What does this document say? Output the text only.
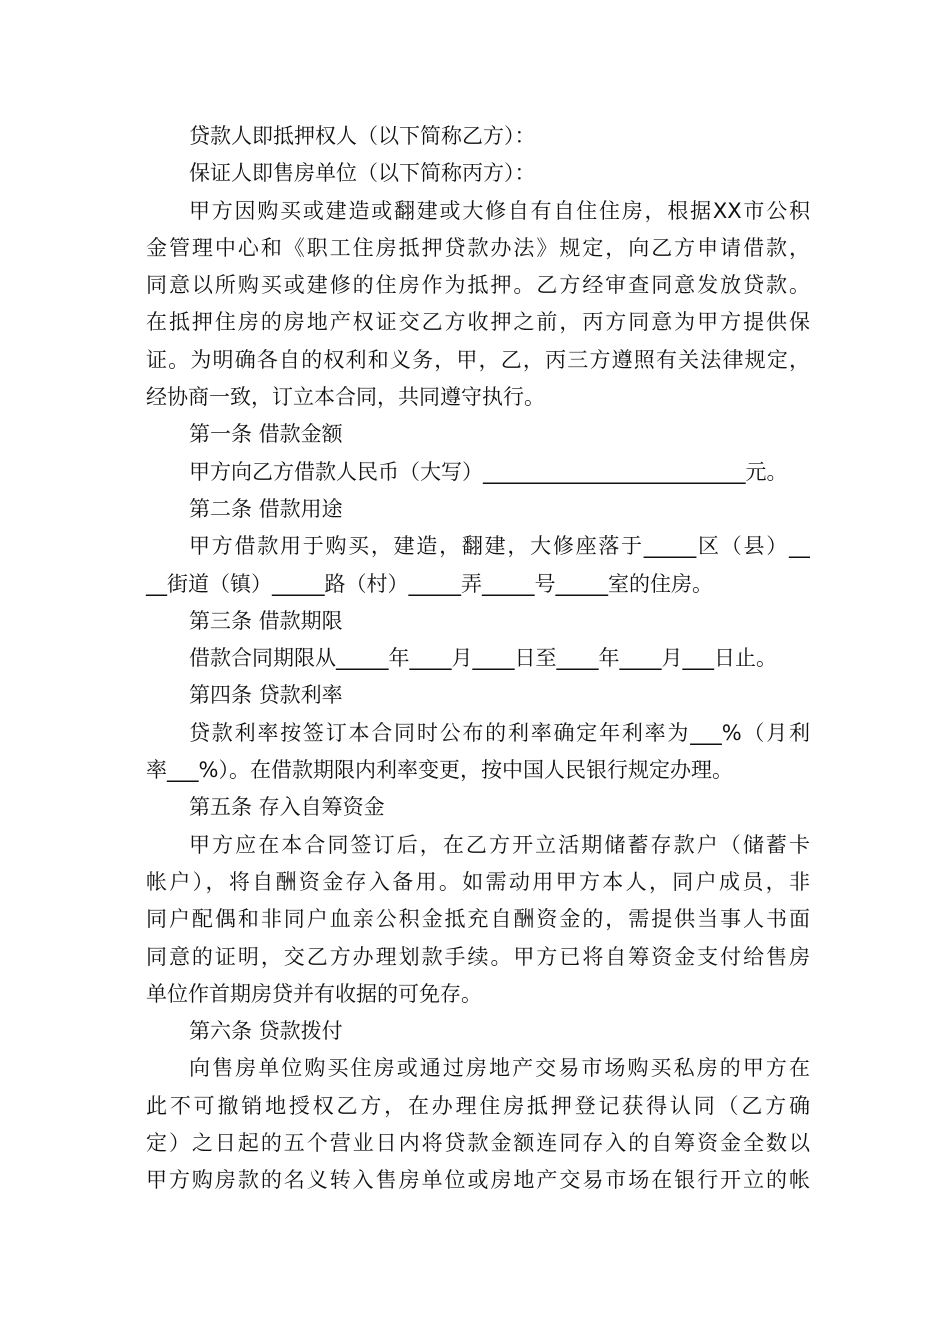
贷款人即抵押权人（以下简称乙方）：
保证人即售房单位（以下简称丙方）：
甲方因购买或建造或翻建或大修自有自住住房，根据XX市公积
金管理中心和《职工住房抵押贷款办法》规定，向乙方申请借款，
同意以所购买或建修的住房作为抵押。乙方经审查同意发放贷款。
在抵押住房的房地产权证交乙方收押之前，丙方同意为甲方提供保
证。为明确各自的权利和义务，甲，乙，丙三方遵照有关法律规定，
经协商一致，订立本合同，共同遵守执行。
第一条 借款金额
甲方向乙方借款人民币（大写）_________________________元。
第二条 借款用途
甲方借款用于购买，建造，翻建，大修座落于_____区（县）__
__街道（镇）_____路（村）_____弄_____号_____室的住房。
第三条 借款期限
借款合同期限从_____年____月____日至____年____月___日止。
第四条 贷款利率
贷款利率按签订本合同时公布的利率确定年利率为___%（月利
率___%）。在借款期限内利率变更，按中国人民银行规定办理。
第五条 存入自筹资金
甲方应在本合同签订后，在乙方开立活期储蓄存款户（储蓄卡
帐户），将自酬资金存入备用。如需动用甲方本人，同户成员，非
同户配偶和非同户血亲公积金抵充自酬资金的，需提供当事人书面
同意的证明，交乙方办理划款手续。甲方已将自筹资金支付给售房
单位作首期房贷并有收据的可免存。
第六条 贷款拨付
向售房单位购买住房或通过房地产交易市场购买私房的甲方在
此不可撤销地授权乙方，在办理住房抵押登记获得认同（乙方确
定）之日起的五个营业日内将贷款金额连同存入的自筹资金全数以
甲方购房款的名义转入售房单位或房地产交易市场在银行开立的帐
